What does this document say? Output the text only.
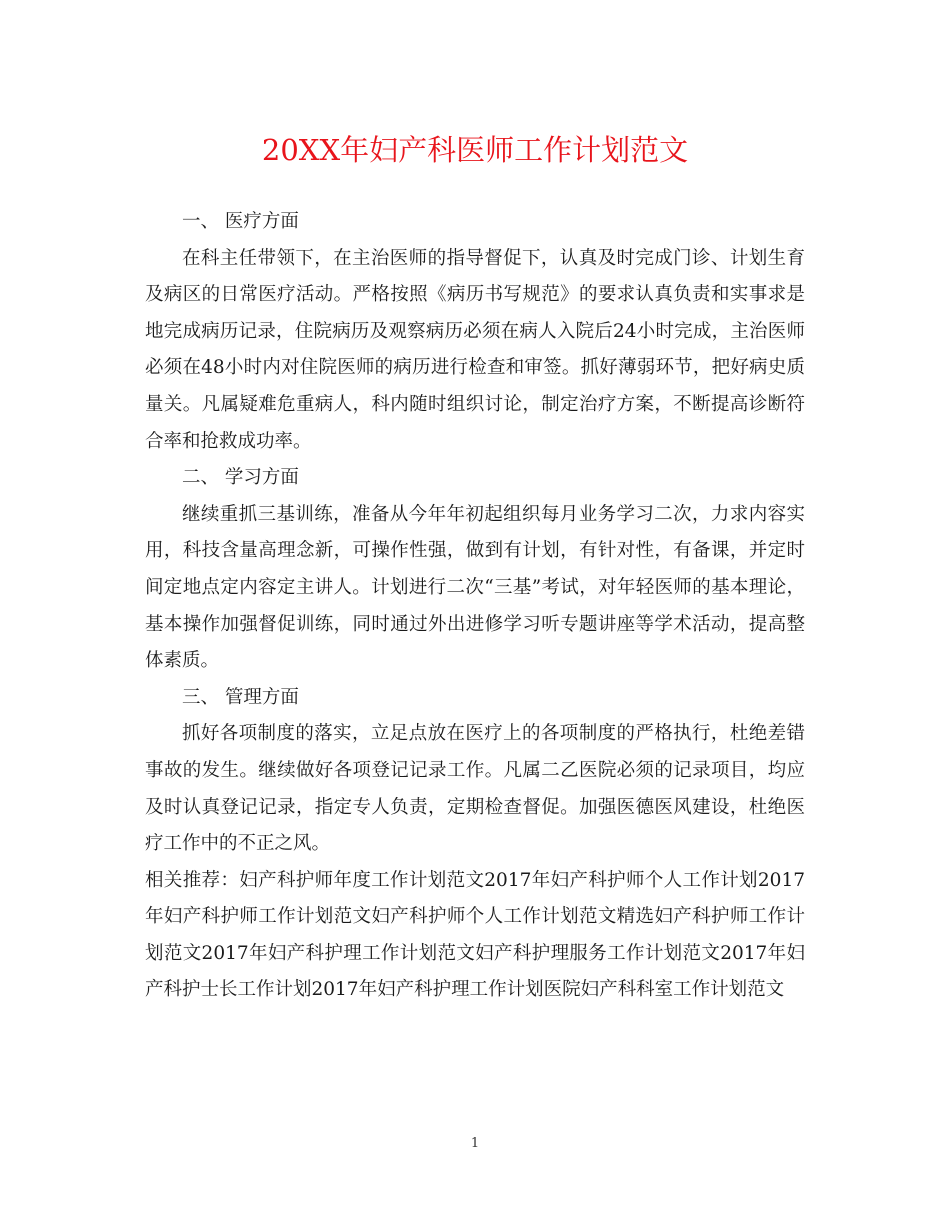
20XX年妇产科医师工作计划范文

一、 医疗方面

在科主任带领下，在主治医师的指导督促下，认真及时完成门诊、计划生育及病区的日常医疗活动。严格按照《病历书写规范》的要求认真负责和实事求是地完成病历记录，住院病历及观察病历必须在病人入院后24小时完成，主治医师必须在48小时内对住院医师的病历进行检查和审签。抓好薄弱环节，把好病史质量关。凡属疑难危重病人，科内随时组织讨论，制定治疗方案，不断提高诊断符合率和抢救成功率。

二、 学习方面

继续重抓三基训练，准备从今年年初起组织每月业务学习二次，力求内容实用，科技含量高理念新，可操作性强，做到有计划，有针对性，有备课，并定时间定地点定内容定主讲人。计划进行二次“三基”考试，对年轻医师的基本理论，基本操作加强督促训练，同时通过外出进修学习听专题讲座等学术活动，提高整体素质。

三、 管理方面

抓好各项制度的落实，立足点放在医疗上的各项制度的严格执行，杜绝差错事故的发生。继续做好各项登记记录工作。凡属二乙医院必须的记录项目，均应及时认真登记记录，指定专人负责，定期检查督促。加强医德医风建设，杜绝医疗工作中的不正之风。

相关推荐：妇产科护师年度工作计划范文2017年妇产科护师个人工作计划2017年妇产科护师工作计划范文妇产科护师个人工作计划范文精选妇产科护师工作计划范文2017年妇产科护理工作计划范文妇产科护理服务工作计划范文2017年妇产科护士长工作计划2017年妇产科护理工作计划医院妇产科科室工作计划范文

1
